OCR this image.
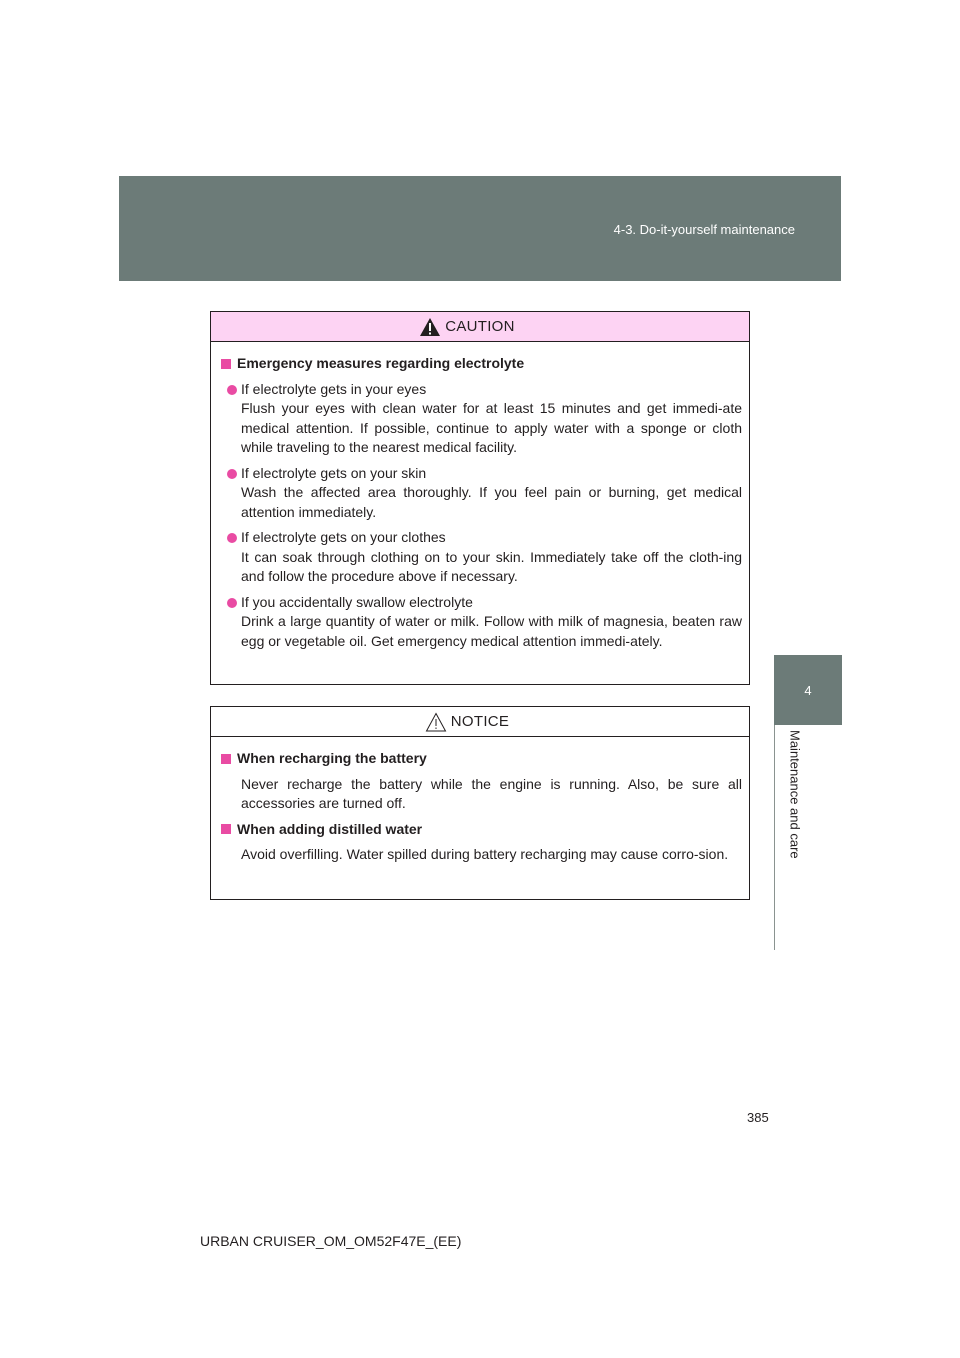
4-3. Do-it-yourself maintenance
4
Maintenance and care
CAUTION
Emergency measures regarding electrolyte
If electrolyte gets in your eyes
Flush your eyes with clean water for at least 15 minutes and get immedi-ate medical attention. If possible, continue to apply water with a sponge or cloth while traveling to the nearest medical facility.
If electrolyte gets on your skin
Wash the affected area thoroughly. If you feel pain or burning, get medical attention immediately.
If electrolyte gets on your clothes
It can soak through clothing on to your skin. Immediately take off the cloth-ing and follow the procedure above if necessary.
If you accidentally swallow electrolyte
Drink a large quantity of water or milk. Follow with milk of magnesia, beaten raw egg or vegetable oil. Get emergency medical attention immedi-ately.
NOTICE
When recharging the battery
Never recharge the battery while the engine is running. Also, be sure all accessories are turned off.
When adding distilled water
Avoid overfilling. Water spilled during battery recharging may cause corro-sion.
385
URBAN CRUISER_OM_OM52F47E_(EE)
